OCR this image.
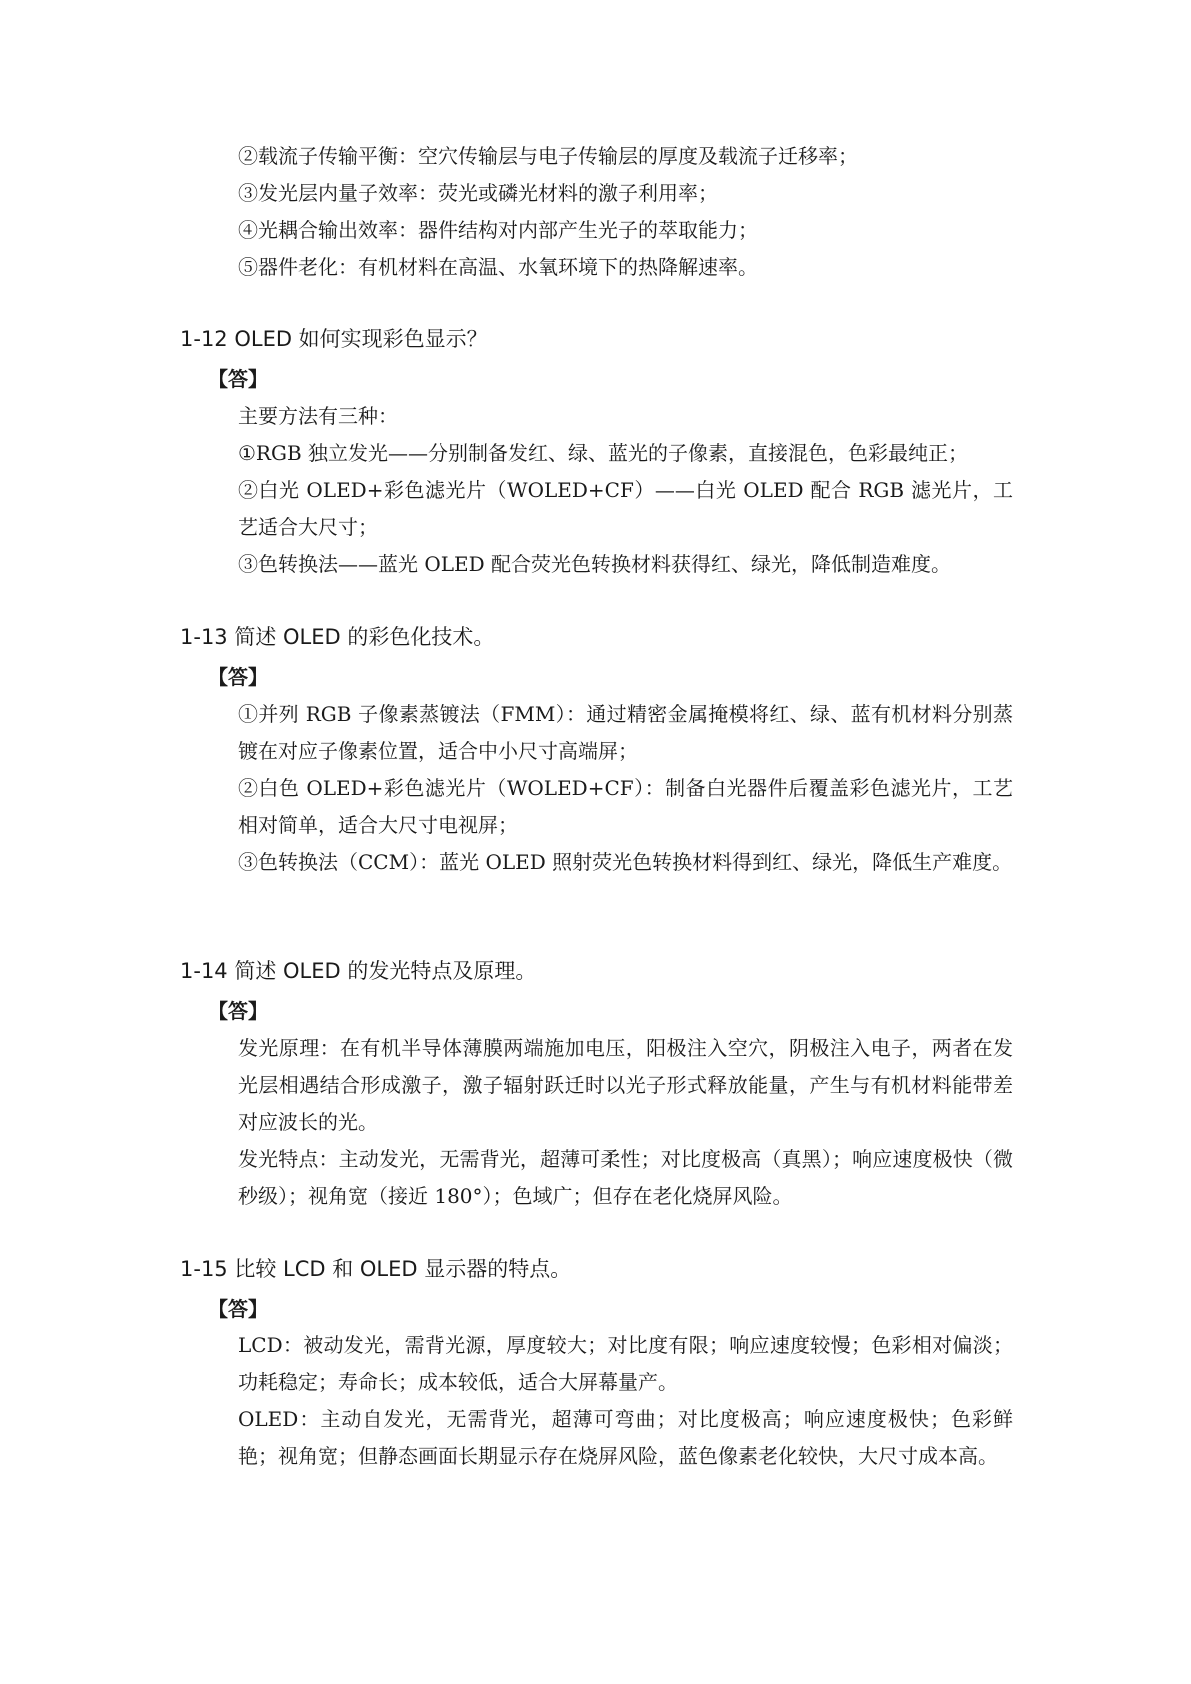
②载流子传输平衡：空穴传输层与电子传输层的厚度及载流子迁移率；

③发光层内量子效率：荧光或磷光材料的激子利用率；

④光耦合输出效率：器件结构对内部产生光子的萃取能力；

⑤器件老化：有机材料在高温、水氧环境下的热降解速率。

1-12 OLED 如何实现彩色显示？
【答】

主要方法有三种：

①RGB 独立发光——分别制备发红、绿、蓝光的子像素，直接混色，色彩最纯正；

②白光 OLED+彩色滤光片（WOLED+CF）——白光 OLED 配合 RGB 滤光片，工艺适合大尺寸；

③色转换法——蓝光 OLED 配合荧光色转换材料获得红、绿光，降低制造难度。

1-13 简述 OLED 的彩色化技术。
【答】

①并列 RGB 子像素蒸镀法（FMM）：通过精密金属掩模将红、绿、蓝有机材料分别蒸镀在对应子像素位置，适合中小尺寸高端屏；

②白色 OLED+彩色滤光片（WOLED+CF）：制备白光器件后覆盖彩色滤光片，工艺相对简单，适合大尺寸电视屏；

③色转换法（CCM）：蓝光 OLED 照射荧光色转换材料得到红、绿光，降低生产难度。

1-14 简述 OLED 的发光特点及原理。
【答】

发光原理：在有机半导体薄膜两端施加电压，阳极注入空穴，阴极注入电子，两者在发光层相遇结合形成激子，激子辐射跃迁时以光子形式释放能量，产生与有机材料能带差对应波长的光。

发光特点：主动发光，无需背光，超薄可柔性；对比度极高（真黑）；响应速度极快（微秒级）；视角宽（接近 180°）；色域广；但存在老化烧屏风险。

1-15 比较 LCD 和 OLED 显示器的特点。
【答】

LCD：被动发光，需背光源，厚度较大；对比度有限；响应速度较慢；色彩相对偏淡；功耗稳定；寿命长；成本较低，适合大屏幕量产。

OLED：主动自发光，无需背光，超薄可弯曲；对比度极高；响应速度极快；色彩鲜艳；视角宽；但静态画面长期显示存在烧屏风险，蓝色像素老化较快，大尺寸成本高。
